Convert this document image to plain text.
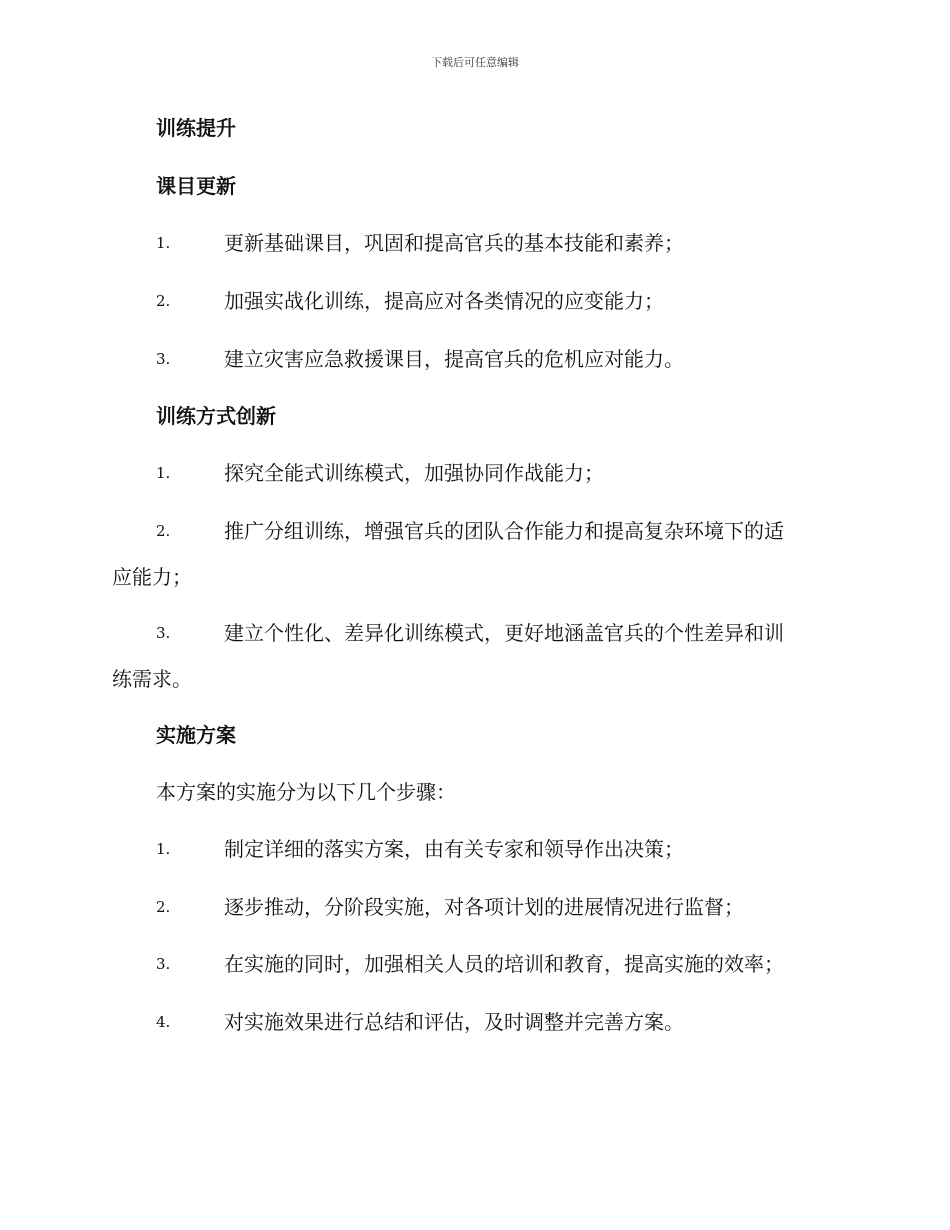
下载后可任意编辑
训练提升
课目更新
1.	更新基础课目，巩固和提高官兵的基本技能和素养；
2.	加强实战化训练，提高应对各类情况的应变能力；
3.	建立灾害应急救援课目，提高官兵的危机应对能力。
训练方式创新
1.	探究全能式训练模式，加强协同作战能力；
2.	推广分组训练，增强官兵的团队合作能力和提高复杂环境下的适
应能力；
3.	建立个性化、差异化训练模式，更好地涵盖官兵的个性差异和训
练需求。
实施方案
本方案的实施分为以下几个步骤：
1.	制定详细的落实方案，由有关专家和领导作出决策；
2.	逐步推动，分阶段实施，对各项计划的进展情况进行监督；
3.	在实施的同时，加强相关人员的培训和教育，提高实施的效率；
4.	对实施效果进行总结和评估，及时调整并完善方案。
